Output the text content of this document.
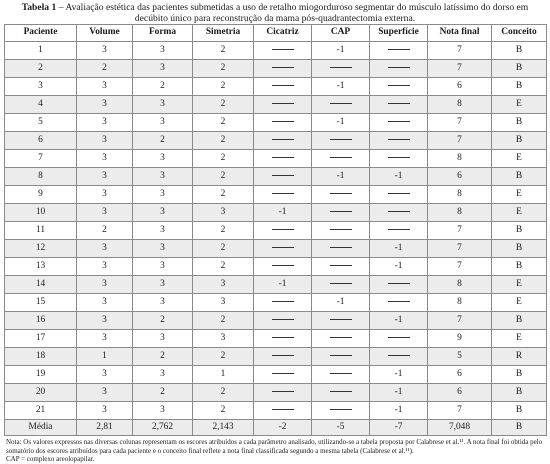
Tabela 1 – Avaliação estética das pacientes submetidas a uso de retalho miogorduroso segmentar do músculo latíssimo do dorso em decúbito único para reconstrução da mama pós-quadrantectomia externa.
Paciente	Volume	Forma	Simetria	Cicatriz	CAP	Superfície	Nota final	Conceito
1	3	3	2		-1		7	B
2	2	3	2				7	B
3	3	2	2		-1		6	B
4	3	3	2				8	E
5	3	3	2		-1		7	B
6	3	2	2				7	B
7	3	3	2				8	E
8	3	3	2		-1	-1	6	B
9	3	3	2				8	E
10	3	3	3	-1			8	E
11	2	3	2				7	B
12	3	3	2			-1	7	B
13	3	3	2			-1	7	B
14	3	3	3	-1			8	E
15	3	3	3		-1		8	E
16	3	2	2			-1	7	B
17	3	3	3				9	E
18	1	2	2				5	R
19	3	3	1			-1	6	B
20	3	2	2			-1	6	B
21	3	3	2			-1	7	B
Média	2,81	2,762	2,143	-2	-5	-7	7,048	B
Nota: Os valores expressos nas diversas colunas representam os escores atribuídos a cada parâmetro analisado, utilizando-se a tabela proposta por Calabrese et al.¹¹. A nota final foi obtida pelo somatório dos escores atribuídos para cada paciente e o conceito final reflete a nota final classificada segundo a mesma tabela (Calabrese et al.¹¹).
CAP = complexo areolopapilar.
